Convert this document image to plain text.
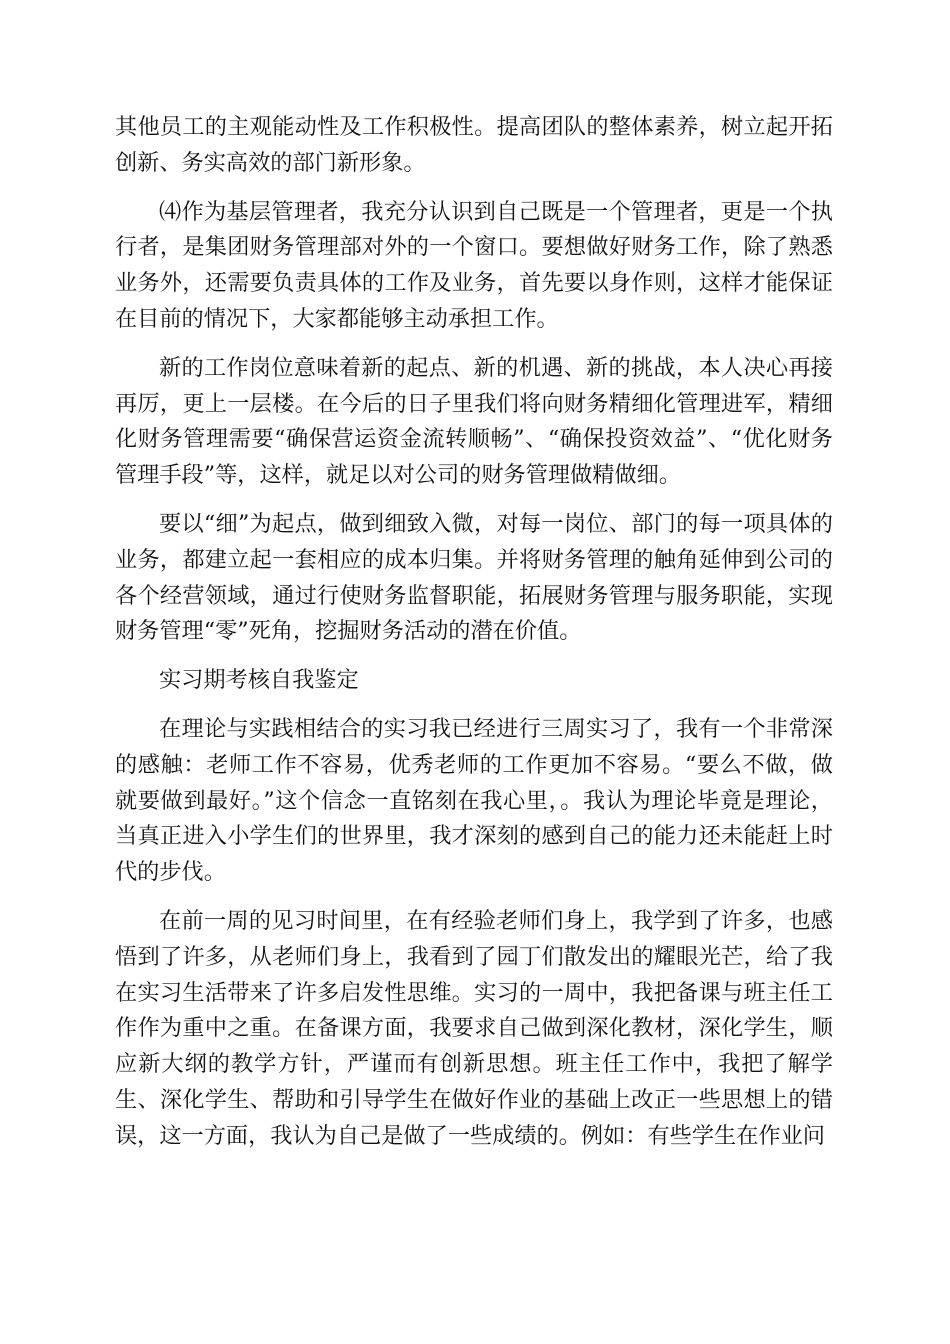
其他员工的主观能动性及工作积极性。提高团队的整体素养，树立起开拓创新、务实高效的部门新形象。

⑷作为基层管理者，我充分认识到自己既是一个管理者，更是一个执行者，是集团财务管理部对外的一个窗口。要想做好财务工作，除了熟悉业务外，还需要负责具体的工作及业务，首先要以身作则，这样才能保证在目前的情况下，大家都能够主动承担工作。

新的工作岗位意味着新的起点、新的机遇、新的挑战，本人决心再接再厉，更上一层楼。在今后的日子里我们将向财务精细化管理进军，精细化财务管理需要“确保营运资金流转顺畅”、“确保投资效益”、“优化财务管理手段”等，这样，就足以对公司的财务管理做精做细。

要以“细”为起点，做到细致入微，对每一岗位、部门的每一项具体的业务，都建立起一套相应的成本归集。并将财务管理的触角延伸到公司的各个经营领域，通过行使财务监督职能，拓展财务管理与服务职能，实现财务管理“零”死角，挖掘财务活动的潜在价值。

实习期考核自我鉴定

在理论与实践相结合的实习我已经进行三周实习了，我有一个非常深的感触：老师工作不容易，优秀老师的工作更加不容易。“要么不做，做就要做到最好。”这个信念一直铭刻在我心里，。我认为理论毕竟是理论，当真正进入小学生们的世界里，我才深刻的感到自己的能力还未能赶上时代的步伐。

在前一周的见习时间里，在有经验老师们身上，我学到了许多，也感悟到了许多，从老师们身上，我看到了园丁们散发出的耀眼光芒，给了我在实习生活带来了许多启发性思维。实习的一周中，我把备课与班主任工作作为重中之重。在备课方面，我要求自己做到深化教材，深化学生，顺应新大纲的教学方针，严谨而有创新思想。班主任工作中，我把了解学生、深化学生、帮助和引导学生在做好作业的基础上改正一些思想上的错误，这一方面，我认为自己是做了一些成绩的。例如：有些学生在作业问
